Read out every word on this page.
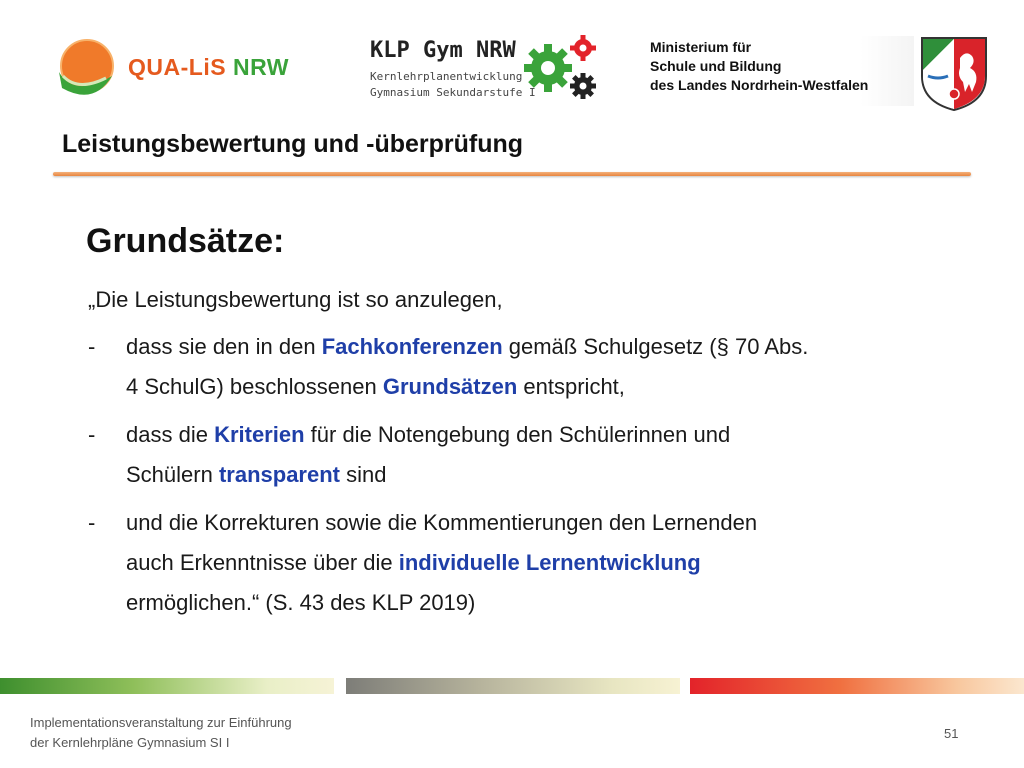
QUA-LiS NRW
KLP Gym NRW
Kernlehrplanentwicklung
Gymnasium Sekundarstufe I
Ministerium für
Schule und Bildung
des Landes Nordrhein-Westfalen
Leistungsbewertung und -überprüfung
Grundsätze:
„Die Leistungsbewertung ist so anzulegen,
- dass sie den in den Fachkonferenzen gemäß Schulgesetz (§ 70 Abs.
4 SchulG) beschlossenen Grundsätzen entspricht,
- dass die Kriterien für die Notengebung den Schülerinnen und
Schülern transparent sind
- und die Korrekturen sowie die Kommentierungen den Lernenden
auch Erkenntnisse über die individuelle Lernentwicklung
ermöglichen.“ (S. 43 des KLP 2019)
Implementationsveranstaltung zur Einführung
der Kernlehrpläne Gymnasium SI I
51
